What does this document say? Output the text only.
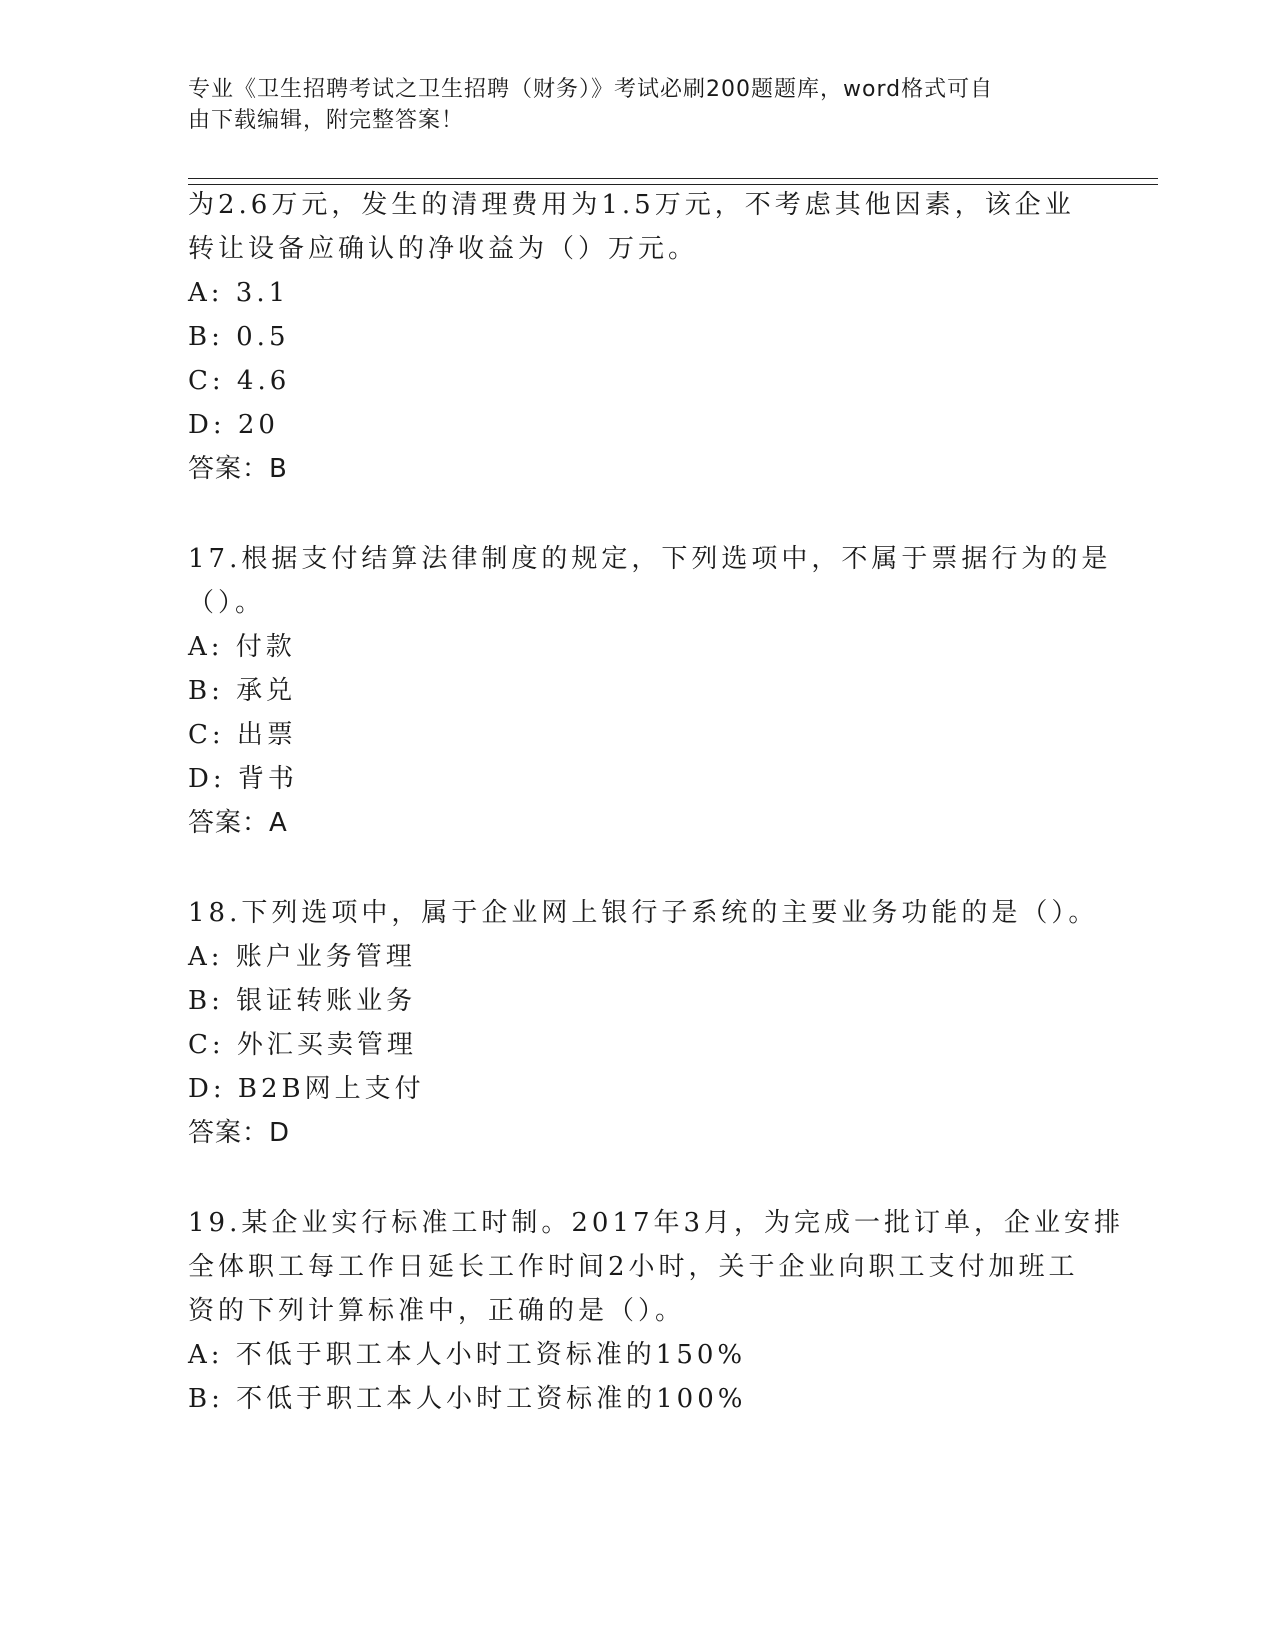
专业《卫生招聘考试之卫生招聘（财务）》考试必刷200题题库，word格式可自
由下载编辑，附完整答案！
为2.6万元，发生的清理费用为1.5万元，不考虑其他因素，该企业
转让设备应确认的净收益为（）万元。
A: 3.1
B: 0.5
C: 4.6
D: 20
答案：B
17.根据支付结算法律制度的规定，下列选项中，不属于票据行为的是
（）。
A: 付款
B: 承兑
C: 出票
D: 背书
答案：A
18.下列选项中，属于企业网上银行子系统的主要业务功能的是（）。
A: 账户业务管理
B: 银证转账业务
C: 外汇买卖管理
D: B2B网上支付
答案：D
19.某企业实行标准工时制。2017年3月，为完成一批订单，企业安排
全体职工每工作日延长工作时间2小时，关于企业向职工支付加班工
资的下列计算标准中，正确的是（）。
A: 不低于职工本人小时工资标准的150%
B: 不低于职工本人小时工资标准的100%
